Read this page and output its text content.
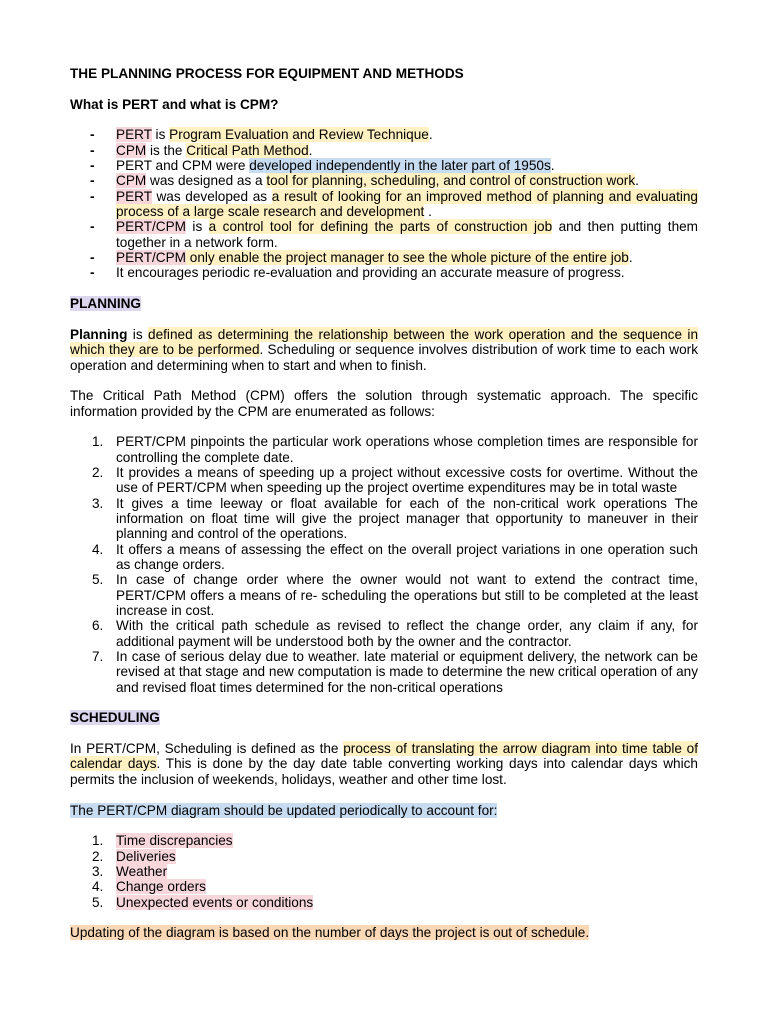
THE PLANNING PROCESS FOR EQUIPMENT AND METHODS
What is PERT and what is CPM?
- PERT is Program Evaluation and Review Technique.
- CPM is the Critical Path Method.
- PERT and CPM were developed independently in the later part of 1950s.
- CPM was designed as a tool for planning, scheduling, and control of construction work.
- PERT was developed as a result of looking for an improved method of planning and evaluating process of a large scale research and development .
- PERT/CPM is a control tool for defining the parts of construction job and then putting them together in a network form.
- PERT/CPM only enable the project manager to see the whole picture of the entire job.
- It encourages periodic re-evaluation and providing an accurate measure of progress.
PLANNING

Planning is defined as determining the relationship between the work operation and the sequence in which they are to be performed. Scheduling or sequence involves distribution of work time to each work operation and determining when to start and when to finish.

The Critical Path Method (CPM) offers the solution through systematic approach. The specific information provided by the CPM are enumerated as follows:

1. PERT/CPM pinpoints the particular work operations whose completion times are responsible for controlling the complete date.
2. It provides a means of speeding up a project without excessive costs for overtime. Without the use of PERT/CPM when speeding up the project overtime expenditures may be in total waste
3. It gives a time leeway or float available for each of the non-critical work operations The information on float time will give the project manager that opportunity to maneuver in their planning and control of the operations.
4. It offers a means of assessing the effect on the overall project variations in one operation such as change orders.
5. In case of change order where the owner would not want to extend the contract time, PERT/CPM offers a means of re- scheduling the operations but still to be completed at the least increase in cost.
6. With the critical path schedule as revised to reflect the change order, any claim if any, for additional payment will be understood both by the owner and the contractor.
7. In case of serious delay due to weather. late material or equipment delivery, the network can be revised at that stage and new computation is made to determine the new critical operation of any and revised float times determined for the non-critical operations
SCHEDULING

In PERT/CPM, Scheduling is defined as the process of translating the arrow diagram into time table of calendar days. This is done by the day date table converting working days into calendar days which permits the inclusion of weekends, holidays, weather and other time lost.

The PERT/CPM diagram should be updated periodically to account for:

1. Time discrepancies
2. Deliveries
3. Weather
4. Change orders
5. Unexpected events or conditions

Updating of the diagram is based on the number of days the project is out of schedule.
